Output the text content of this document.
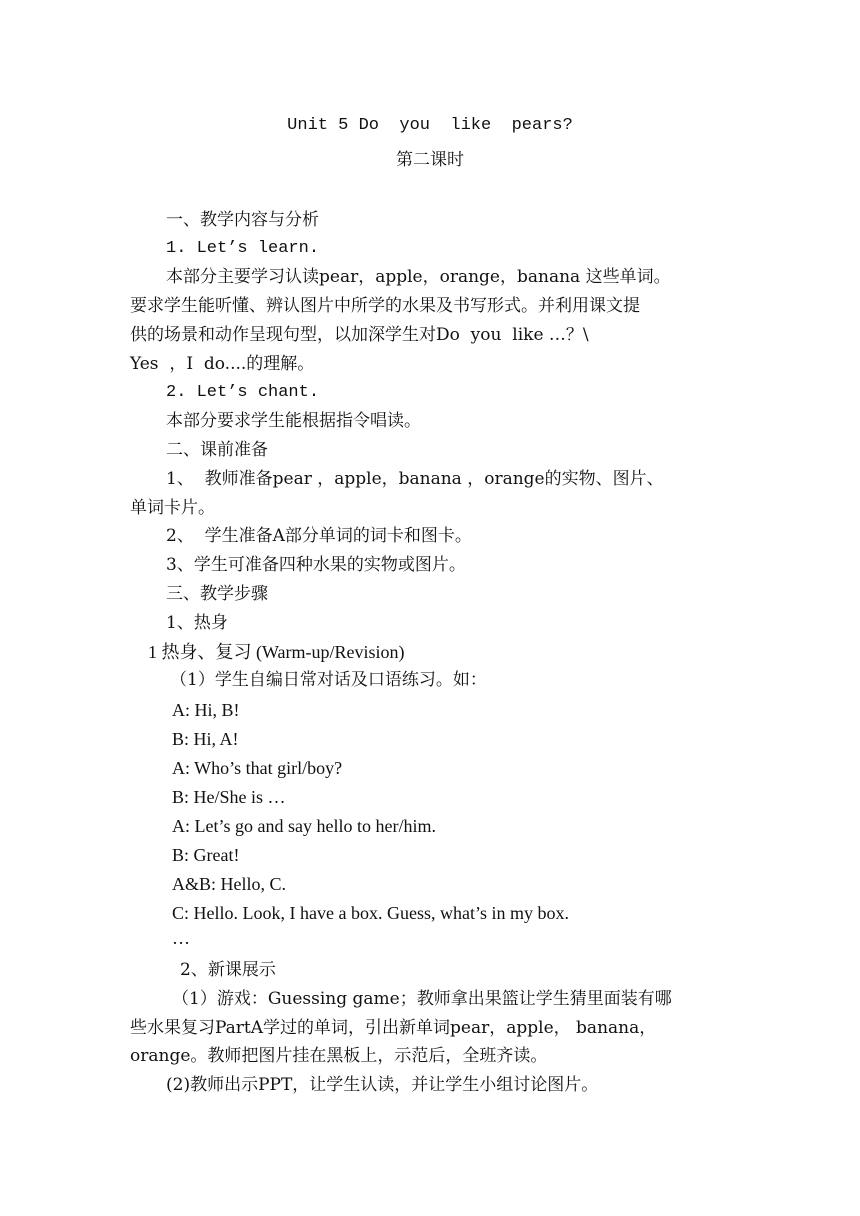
Unit 5 Do  you  like  pears?
第二课时
一、教学内容与分析
1. Let’s learn.
本部分主要学习认读pear，apple，orange，banana 这些单词。
要求学生能听懂、辨认图片中所学的水果及书写形式。并利用课文提
供的场景和动作呈现句型，以加深学生对Do  you  like …？\
Yes  ，I  do....的理解。
2. Let’s chant.
本部分要求学生能根据指令唱读。
二、课前准备
1、  教师准备pear ，apple，banana ，orange的实物、图片、
单词卡片。
2、  学生准备A部分单词的词卡和图卡。
3、学生可准备四种水果的实物或图片。
三、教学步骤
1、热身
1 热身、复习 (Warm-up/Revision)
（1）学生自编日常对话及口语练习。如：
A: Hi, B!
B: Hi, A!
A: Who’s that girl/boy?
B: He/She is …
A: Let’s go and say hello to her/him.
B: Great!
A&B: Hello, C.
C: Hello. Look, I have a box. Guess, what’s in my box.
…
2、新课展示
（1）游戏：Guessing game；教师拿出果篮让学生猜里面装有哪
些水果复习PartA学过的单词，引出新单词pear，apple， banana，
orange。教师把图片挂在黑板上，示范后，全班齐读。
(2)教师出示PPT，让学生认读，并让学生小组讨论图片。
